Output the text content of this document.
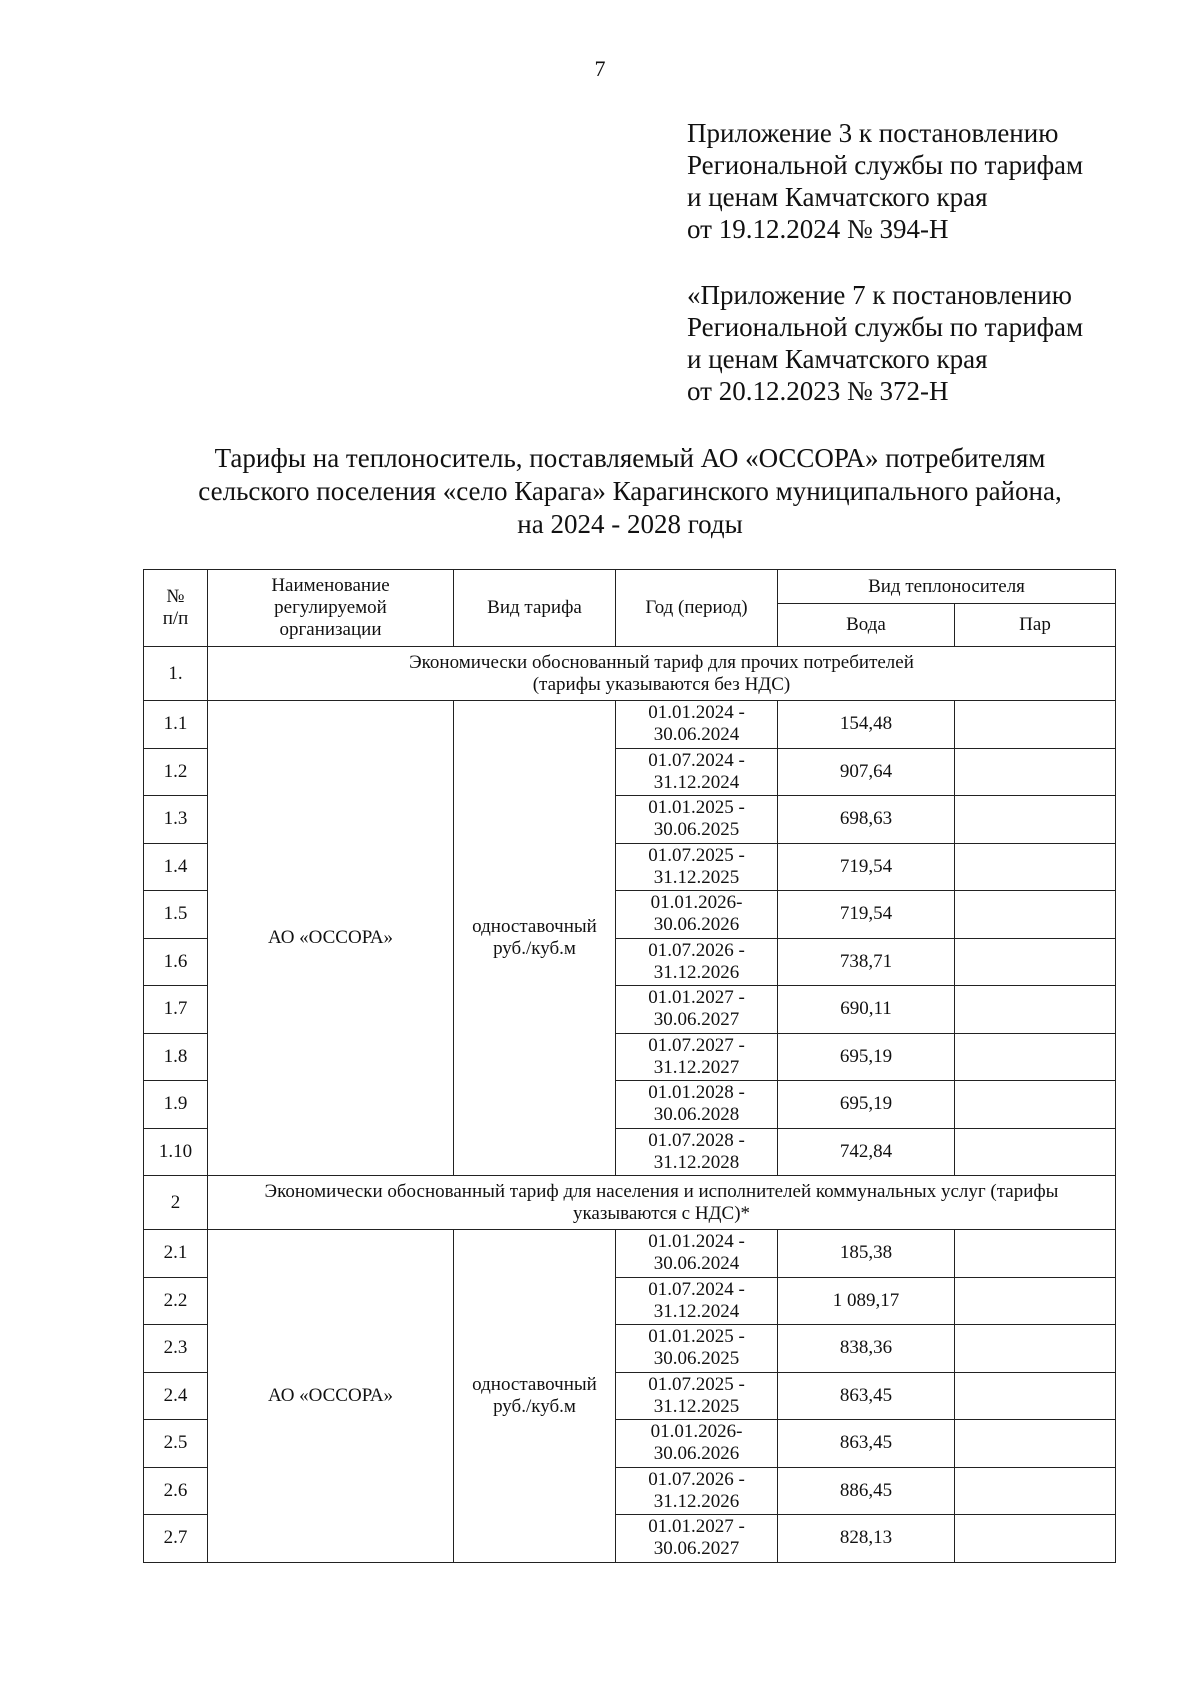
7
Приложение 3 к постановлению
Региональной службы по тарифам
и ценам Камчатского края
от 19.12.2024 № 394-Н
«Приложение 7 к постановлению
Региональной службы по тарифам
и ценам Камчатского края
от 20.12.2023 № 372-Н
Тарифы на теплоноситель, поставляемый АО «ОССОРА» потребителям
сельского поселения «село Карага» Карагинского муниципального района,
на 2024 - 2028 годы
№
п/п	Наименование
регулируемой
организации	Вид тарифа	Год (период)	Вид теплоносителя	
				Вода	Пар
1.	Экономически обоснованный тариф для прочих потребителей
(тарифы указываются без НДС)				
1.1	АО «ОССОРА»	одноставочный
руб./куб.м	01.01.2024 -
30.06.2024	154,48	
1.2			01.07.2024 -
31.12.2024	907,64	
1.3			01.01.2025 -
30.06.2025	698,63	
1.4			01.07.2025 -
31.12.2025	719,54	
1.5			01.01.2026-
30.06.2026	719,54	
1.6			01.07.2026 -
31.12.2026	738,71	
1.7			01.01.2027 -
30.06.2027	690,11	
1.8			01.07.2027 -
31.12.2027	695,19	
1.9			01.01.2028 -
30.06.2028	695,19	
1.10			01.07.2028 -
31.12.2028	742,84	
2	Экономически обоснованный тариф для населения и исполнителей коммунальных услуг (тарифы
указываются с НДС)*				
2.1	АО «ОССОРА»	одноставочный
руб./куб.м	01.01.2024 -
30.06.2024	185,38	
2.2			01.07.2024 -
31.12.2024	1 089,17	
2.3			01.01.2025 -
30.06.2025	838,36	
2.4			01.07.2025 -
31.12.2025	863,45	
2.5			01.01.2026-
30.06.2026	863,45	
2.6			01.07.2026 -
31.12.2026	886,45	
2.7			01.01.2027 -
30.06.2027	828,13	
